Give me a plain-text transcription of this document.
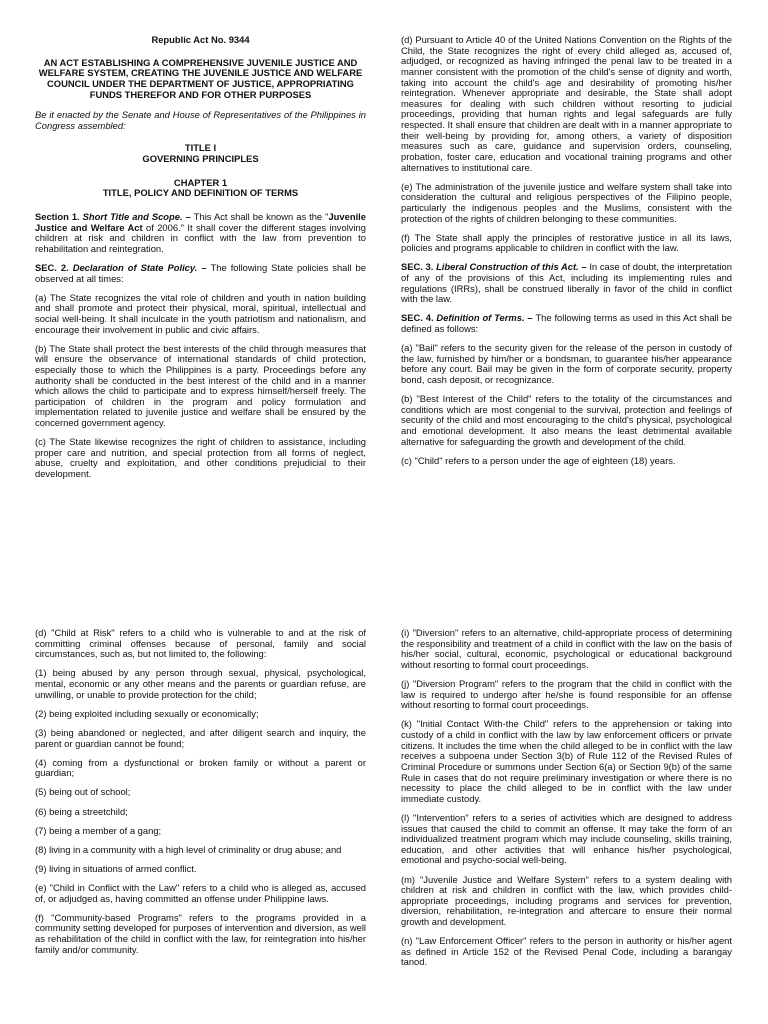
Republic Act No. 9344

AN ACT ESTABLISHING A COMPREHENSIVE JUVENILE JUSTICE AND WELFARE SYSTEM, CREATING THE JUVENILE JUSTICE AND WELFARE COUNCIL UNDER THE DEPARTMENT OF JUSTICE, APPROPRIATING FUNDS THEREFOR AND FOR OTHER PURPOSES

Be it enacted by the Senate and House of Representatives of the Philippines in Congress assembled:

TITLE I
GOVERNING PRINCIPLES

CHAPTER 1
TITLE, POLICY AND DEFINITION OF TERMS

Section 1. Short Title and Scope. – This Act shall be known as the "Juvenile Justice and Welfare Act of 2006." It shall cover the different stages involving children at risk and children in conflict with the law from prevention to rehabilitation and reintegration.

SEC. 2. Declaration of State Policy. – The following State policies shall be observed at all times:

(a) The State recognizes the vital role of children and youth in nation building and shall promote and protect their physical, moral, spiritual, intellectual and social well-being. It shall inculcate in the youth patriotism and nationalism, and encourage their involvement in public and civic affairs.

(b) The State shall protect the best interests of the child through measures that will ensure the observance of international standards of child protection, especially those to which the Philippines is a party. Proceedings before any authority shall be conducted in the best interest of the child and in a manner which allows the child to participate and to express himself/herself freely. The participation of children in the program and policy formulation and implementation related to juvenile justice and welfare shall be ensured by the concerned government agency.

(c) The State likewise recognizes the right of children to assistance, including proper care and nutrition, and special protection from all forms of neglect, abuse, cruelty and exploitation, and other conditions prejudicial to their development.

(d) Pursuant to Article 40 of the United Nations Convention on the Rights of the Child, the State recognizes the right of every child alleged as, accused of, adjudged, or recognized as having infringed the penal law to be treated in a manner consistent with the promotion of the child's sense of dignity and worth, taking into account the child's age and desirability of promoting his/her reintegration. Whenever appropriate and desirable, the State shall adopt measures for dealing with such children without resorting to judicial proceedings, providing that human rights and legal safeguards are fully respected. It shall ensure that children are dealt with in a manner appropriate to their well-being by providing for, among others, a variety of disposition measures such as care, guidance and supervision orders, counseling, probation, foster care, education and vocational training programs and other alternatives to institutional care.

(e) The administration of the juvenile justice and welfare system shall take into consideration the cultural and religious perspectives of the Filipino people, particularly the indigenous peoples and the Muslims, consistent with the protection of the rights of children belonging to these communities.

(f) The State shall apply the principles of restorative justice in all its laws, policies and programs applicable to children in conflict with the law.

SEC. 3. Liberal Construction of this Act. – In case of doubt, the interpretation of any of the provisions of this Act, including its implementing rules and regulations (IRRs), shall be construed liberally in favor of the child in conflict with the law.

SEC. 4. Definition of Terms. – The following terms as used in this Act shall be defined as follows:

(a) "Bail" refers to the security given for the release of the person in custody of the law, furnished by him/her or a bondsman, to guarantee his/her appearance before any court. Bail may be given in the form of corporate security, property bond, cash deposit, or recognizance.

(b) "Best Interest of the Child" refers to the totality of the circumstances and conditions which are most congenial to the survival, protection and feelings of security of the child and most encouraging to the child's physical, psychological and emotional development. It also means the least detrimental available alternative for safeguarding the growth and development of the child.

(c) "Child" refers to a person under the age of eighteen (18) years.

(d) "Child at Risk" refers to a child who is vulnerable to and at the risk of committing criminal offenses because of personal, family and social circumstances, such as, but not limited to, the following:

(1) being abused by any person through sexual, physical, psychological, mental, economic or any other means and the parents or guardian refuse, are unwilling, or unable to provide protection for the child;

(2) being exploited including sexually or economically;

(3) being abandoned or neglected, and after diligent search and inquiry, the parent or guardian cannot be found;

(4) coming from a dysfunctional or broken family or without a parent or guardian;

(5) being out of school;

(6) being a streetchild;

(7) being a member of a gang;

(8) living in a community with a high level of criminality or drug abuse; and

(9) living in situations of armed conflict.

(e) "Child in Conflict with the Law" refers to a child who is alleged as, accused of, or adjudged as, having committed an offense under Philippine laws.

(f) "Community-based Programs" refers to the programs provided in a community setting developed for purposes of intervention and diversion, as well as rehabilitation of the child in conflict with the law, for reintegration into his/her family and/or community.

(i) "Diversion" refers to an alternative, child-appropriate process of determining the responsibility and treatment of a child in conflict with the law on the basis of his/her social, cultural, economic, psychological or educational background without resorting to formal court proceedings.

(j) "Diversion Program" refers to the program that the child in conflict with the law is required to undergo after he/she is found responsible for an offense without resorting to formal court proceedings.

(k) "Initial Contact With-the Child" refers to the apprehension or taking into custody of a child in conflict with the law by law enforcement officers or private citizens. It includes the time when the child alleged to be in conflict with the law receives a subpoena under Section 3(b) of Rule 112 of the Revised Rules of Criminal Procedure or summons under Section 6(a) or Section 9(b) of the same Rule in cases that do not require preliminary investigation or where there is no necessity to place the child alleged to be in conflict with the law under immediate custody.

(l) "Intervention" refers to a series of activities which are designed to address issues that caused the child to commit an offense. It may take the form of an individualized treatment program which may include counseling, skills training, education, and other activities that will enhance his/her psychological, emotional and psycho-social well-being.

(m) "Juvenile Justice and Welfare System" refers to a system dealing with children at risk and children in conflict with the law, which provides child-appropriate proceedings, including programs and services for prevention, diversion, rehabilitation, re-integration and aftercare to ensure their normal growth and development.

(n) "Law Enforcement Officer" refers to the person in authority or his/her agent as defined in Article 152 of the Revised Penal Code, including a barangay tanod.
